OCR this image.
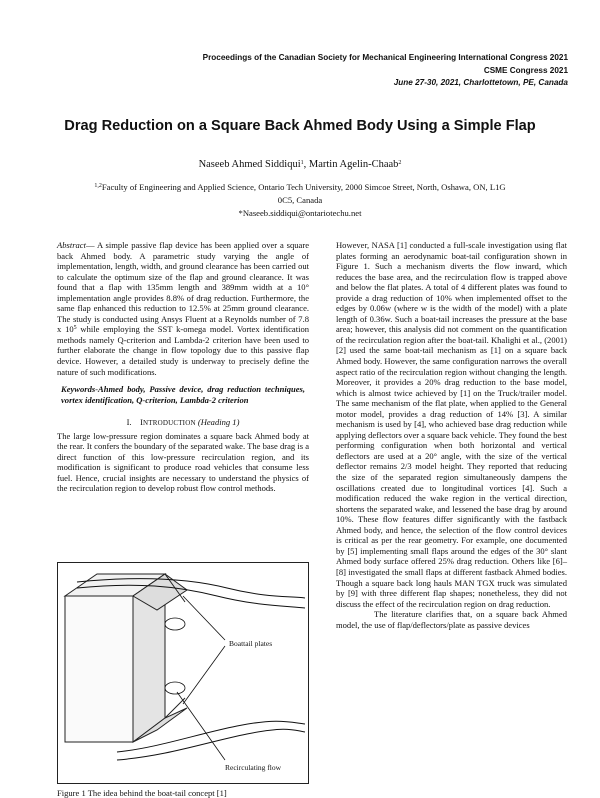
Proceedings of the Canadian Society for Mechanical Engineering International Congress 2021
CSME Congress 2021
June 27-30, 2021, Charlottetown, PE, Canada
Drag Reduction on a Square Back Ahmed Body Using a Simple Flap
Naseeb Ahmed Siddiqui$^1$, Martin Agelin-Chaab$^2$
$^{1,2}$Faculty of Engineering and Applied Science, Ontario Tech University, 2000 Simcoe Street, North, Oshawa, ON, L1G 0C5, Canada
*Naseeb.siddiqui@ontariotechu.net

Abstract— A simple passive flap device has been applied over a square back Ahmed body. A parametric study varying the angle of implementation, length, width, and ground clearance has been carried out to calculate the optimum size of the flap and ground clearance. It was found that a flap with 135mm length and 389mm width at a 10° implementation angle provides 8.8% of drag reduction. Furthermore, the same flap enhanced this reduction to 12.5% at 25mm ground clearance. The study is conducted using Ansys Fluent at a Reynolds number of 7.8 x $10^5$ while employing the SST k-omega model. Vortex identification methods namely Q-criterion and Lambda-2 criterion have been used to further elaborate the change in flow topology due to this passive flap device. However, a detailed study is underway to precisely define the nature of such modifications.

Keywords-Ahmed body, Passive device, drag reduction techniques, vortex identification, Q-criterion, Lambda-2 criterion

I. INTRODUCTION (Heading 1)

The large low-pressure region dominates a square back Ahmed body at the rear. It confers the boundary of the separated wake. The base drag is a direct function of this low-pressure recirculation region, and its modification is significant to produce road vehicles that consume less fuel. Hence, crucial insights are necessary to understand the physics of the recirculation region to develop robust flow control methods.

Boattail plates
Recirculating flow
Figure 1 The idea behind the boat-tail concept [1]

However, NASA [1] conducted a full-scale investigation using flat plates forming an aerodynamic boat-tail configuration shown in Figure 1. Such a mechanism diverts the flow inward, which reduces the base area, and the recirculation flow is trapped above and below the flat plates. A total of 4 different plates was found to provide a drag reduction of 10% when implemented offset to the edges by 0.06w (where w is the width of the model) with a plate length of 0.36w. Such a boat-tail increases the pressure at the base area; however, this analysis did not comment on the quantification of the recirculation region after the boat-tail. Khalighi et al., (2001) [2] used the same boat-tail mechanism as [1] on a square back Ahmed body. However, the same configuration narrows the overall aspect ratio of the recirculation region without changing the length. Moreover, it provides a 20% drag reduction to the base model, which is almost twice achieved by [1] on the Truck/trailer model. The same mechanism of the flat plate, when applied to the General motor model, provides a drag reduction of 14% [3]. A similar mechanism is used by [4], who achieved base drag reduction while applying deflectors over a square back vehicle. They found the best performing configuration when both horizontal and vertical deflectors are used at a 20° angle, with the size of the vertical deflector remains 2/3 model height. They reported that reducing the size of the separated region simultaneously dampens the oscillations created due to longitudinal vortices [4]. Such a modification reduced the wake region in the vertical direction, shortens the separated wake, and lessened the base drag by around 10%. These flow features differ significantly with the fastback Ahmed body, and hence, the selection of the flow control devices is critical as per the rear geometry. For example, one documented by [5] implementing small flaps around the edges of the 30° slant Ahmed body surface offered 25% drag reduction. Others like [6]–[8] investigated the small flaps at different fastback Ahmed bodies. Though a square back long hauls MAN TGX truck was simulated by [9] with three different flap shapes; nonetheless, they did not discuss the effect of the recirculation region on drag reduction.

The literature clarifies that, on a square back Ahmed model, the use of flap/deflectors/plate as passive devices
